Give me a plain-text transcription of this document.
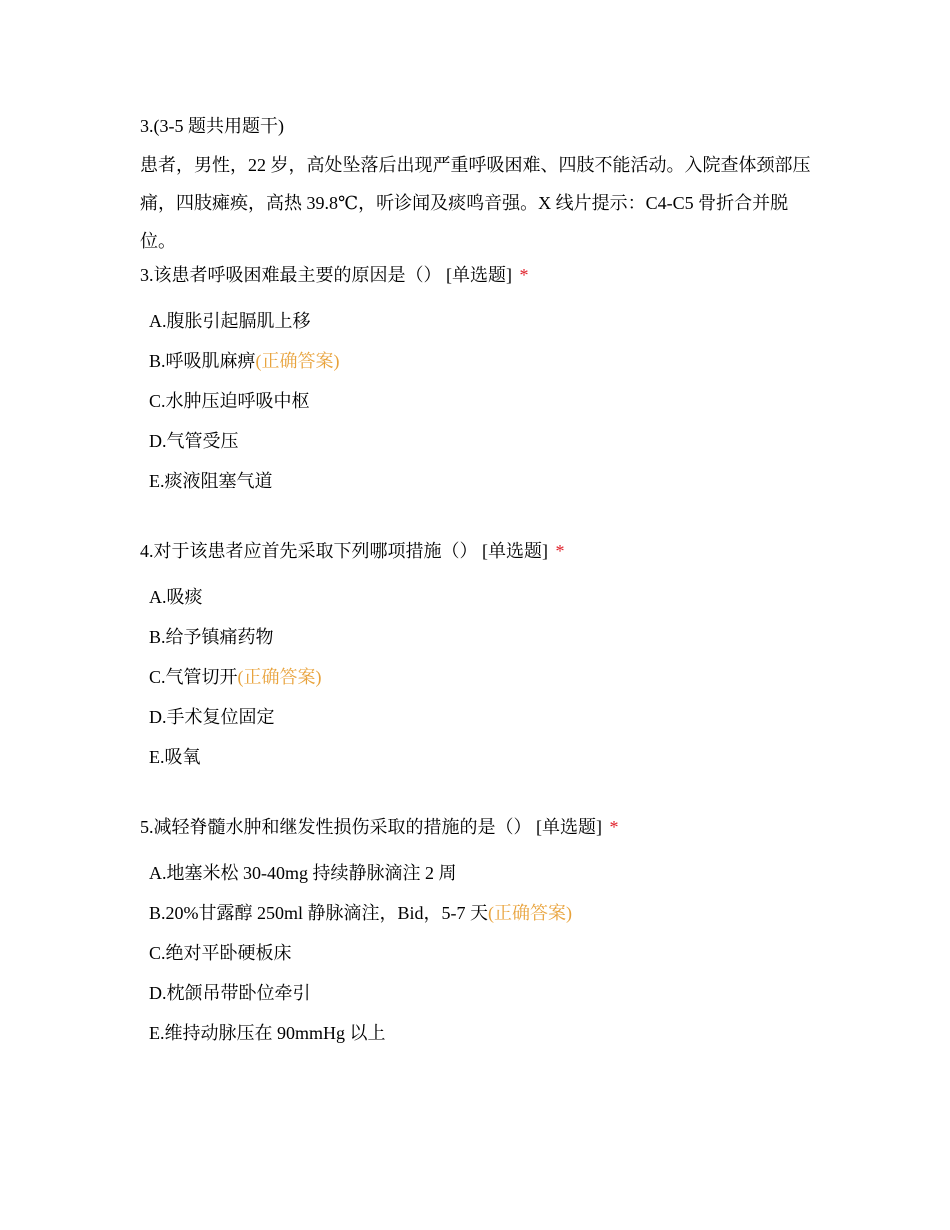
3.(3-5 题共用题干)
患者，男性，22 岁，高处坠落后出现严重呼吸困难、四肢不能活动。入院查体颈部压痛，四肢瘫痪，高热 39.8℃，听诊闻及痰鸣音强。X 线片提示：C4-C5 骨折合并脱位。
3.该患者呼吸困难最主要的原因是（） [单选题] *
A.腹胀引起膈肌上移
B.呼吸肌麻痹(正确答案)
C.水肿压迫呼吸中枢
D.气管受压
E.痰液阻塞气道
4.对于该患者应首先采取下列哪项措施（） [单选题] *
A.吸痰
B.给予镇痛药物
C.气管切开(正确答案)
D.手术复位固定
E.吸氧
5.减轻脊髓水肿和继发性损伤采取的措施的是（） [单选题] *
A.地塞米松 30-40mg 持续静脉滴注 2 周
B.20%甘露醇 250ml 静脉滴注，Bid，5-7 天(正确答案)
C.绝对平卧硬板床
D.枕颌吊带卧位牵引
E.维持动脉压在 90mmHg 以上
